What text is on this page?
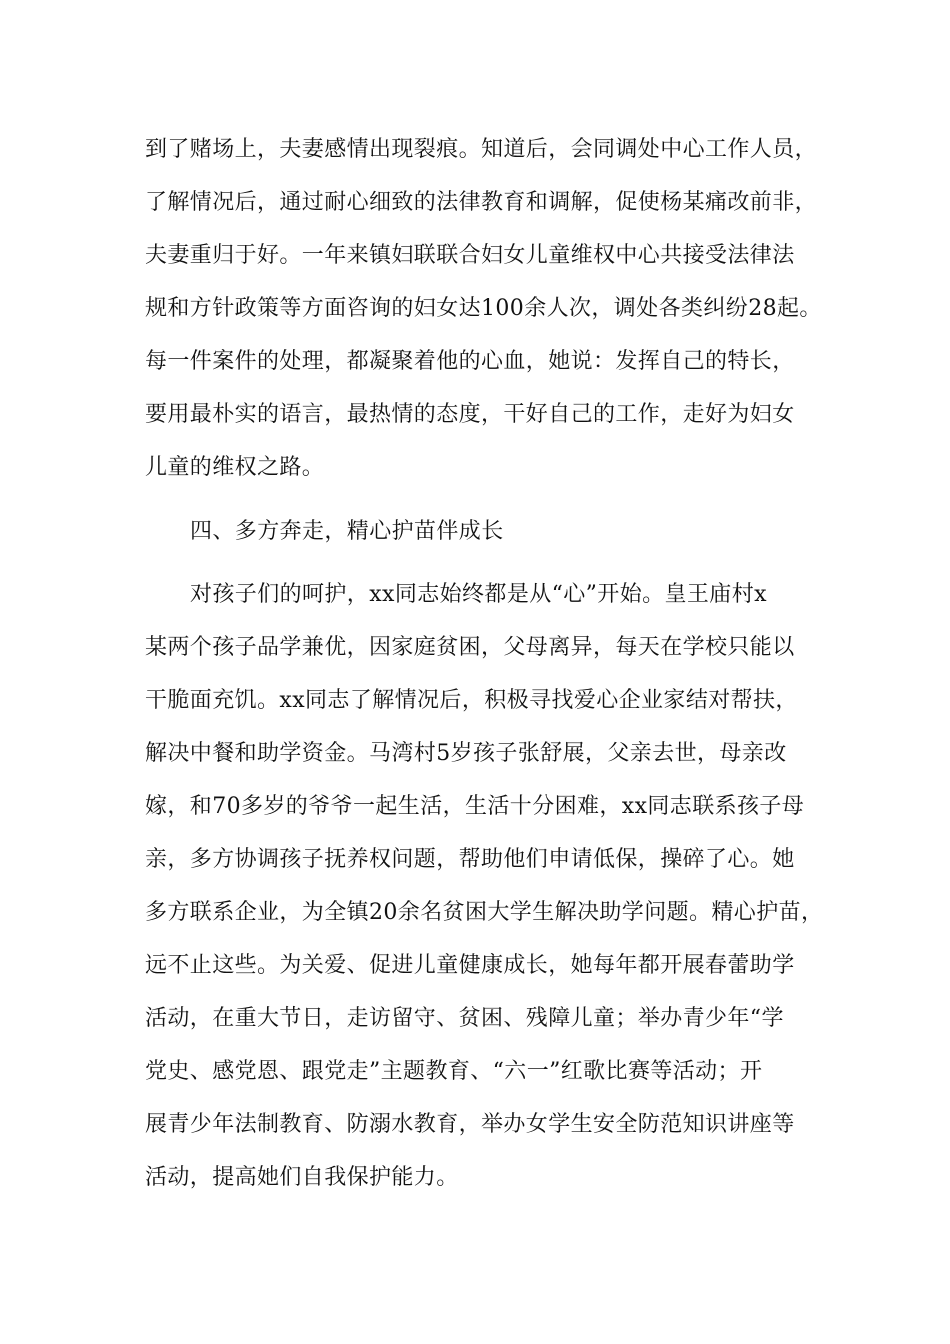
到了赌场上，夫妻感情出现裂痕。知道后，会同调处中心工作人员，
了解情况后，通过耐心细致的法律教育和调解，促使杨某痛改前非，
夫妻重归于好。一年来镇妇联联合妇女儿童维权中心共接受法律法
规和方针政策等方面咨询的妇女达100余人次，调处各类纠纷28起。
每一件案件的处理，都凝聚着他的心血，她说：发挥自己的特长，
要用最朴实的语言，最热情的态度，干好自己的工作，走好为妇女
儿童的维权之路。
四、多方奔走，精心护苗伴成长
对孩子们的呵护，xx同志始终都是从“心”开始。皇王庙村x
某两个孩子品学兼优，因家庭贫困，父母离异，每天在学校只能以
干脆面充饥。xx同志了解情况后，积极寻找爱心企业家结对帮扶，
解决中餐和助学资金。马湾村5岁孩子张舒展，父亲去世，母亲改
嫁，和70多岁的爷爷一起生活，生活十分困难，xx同志联系孩子母
亲，多方协调孩子抚养权问题，帮助他们申请低保，操碎了心。她
多方联系企业，为全镇20余名贫困大学生解决助学问题。精心护苗，
远不止这些。为关爱、促进儿童健康成长，她每年都开展春蕾助学
活动，在重大节日，走访留守、贫困、残障儿童；举办青少年“学
党史、感党恩、跟党走”主题教育、“六一”红歌比赛等活动；开
展青少年法制教育、防溺水教育，举办女学生安全防范知识讲座等
活动，提高她们自我保护能力。
